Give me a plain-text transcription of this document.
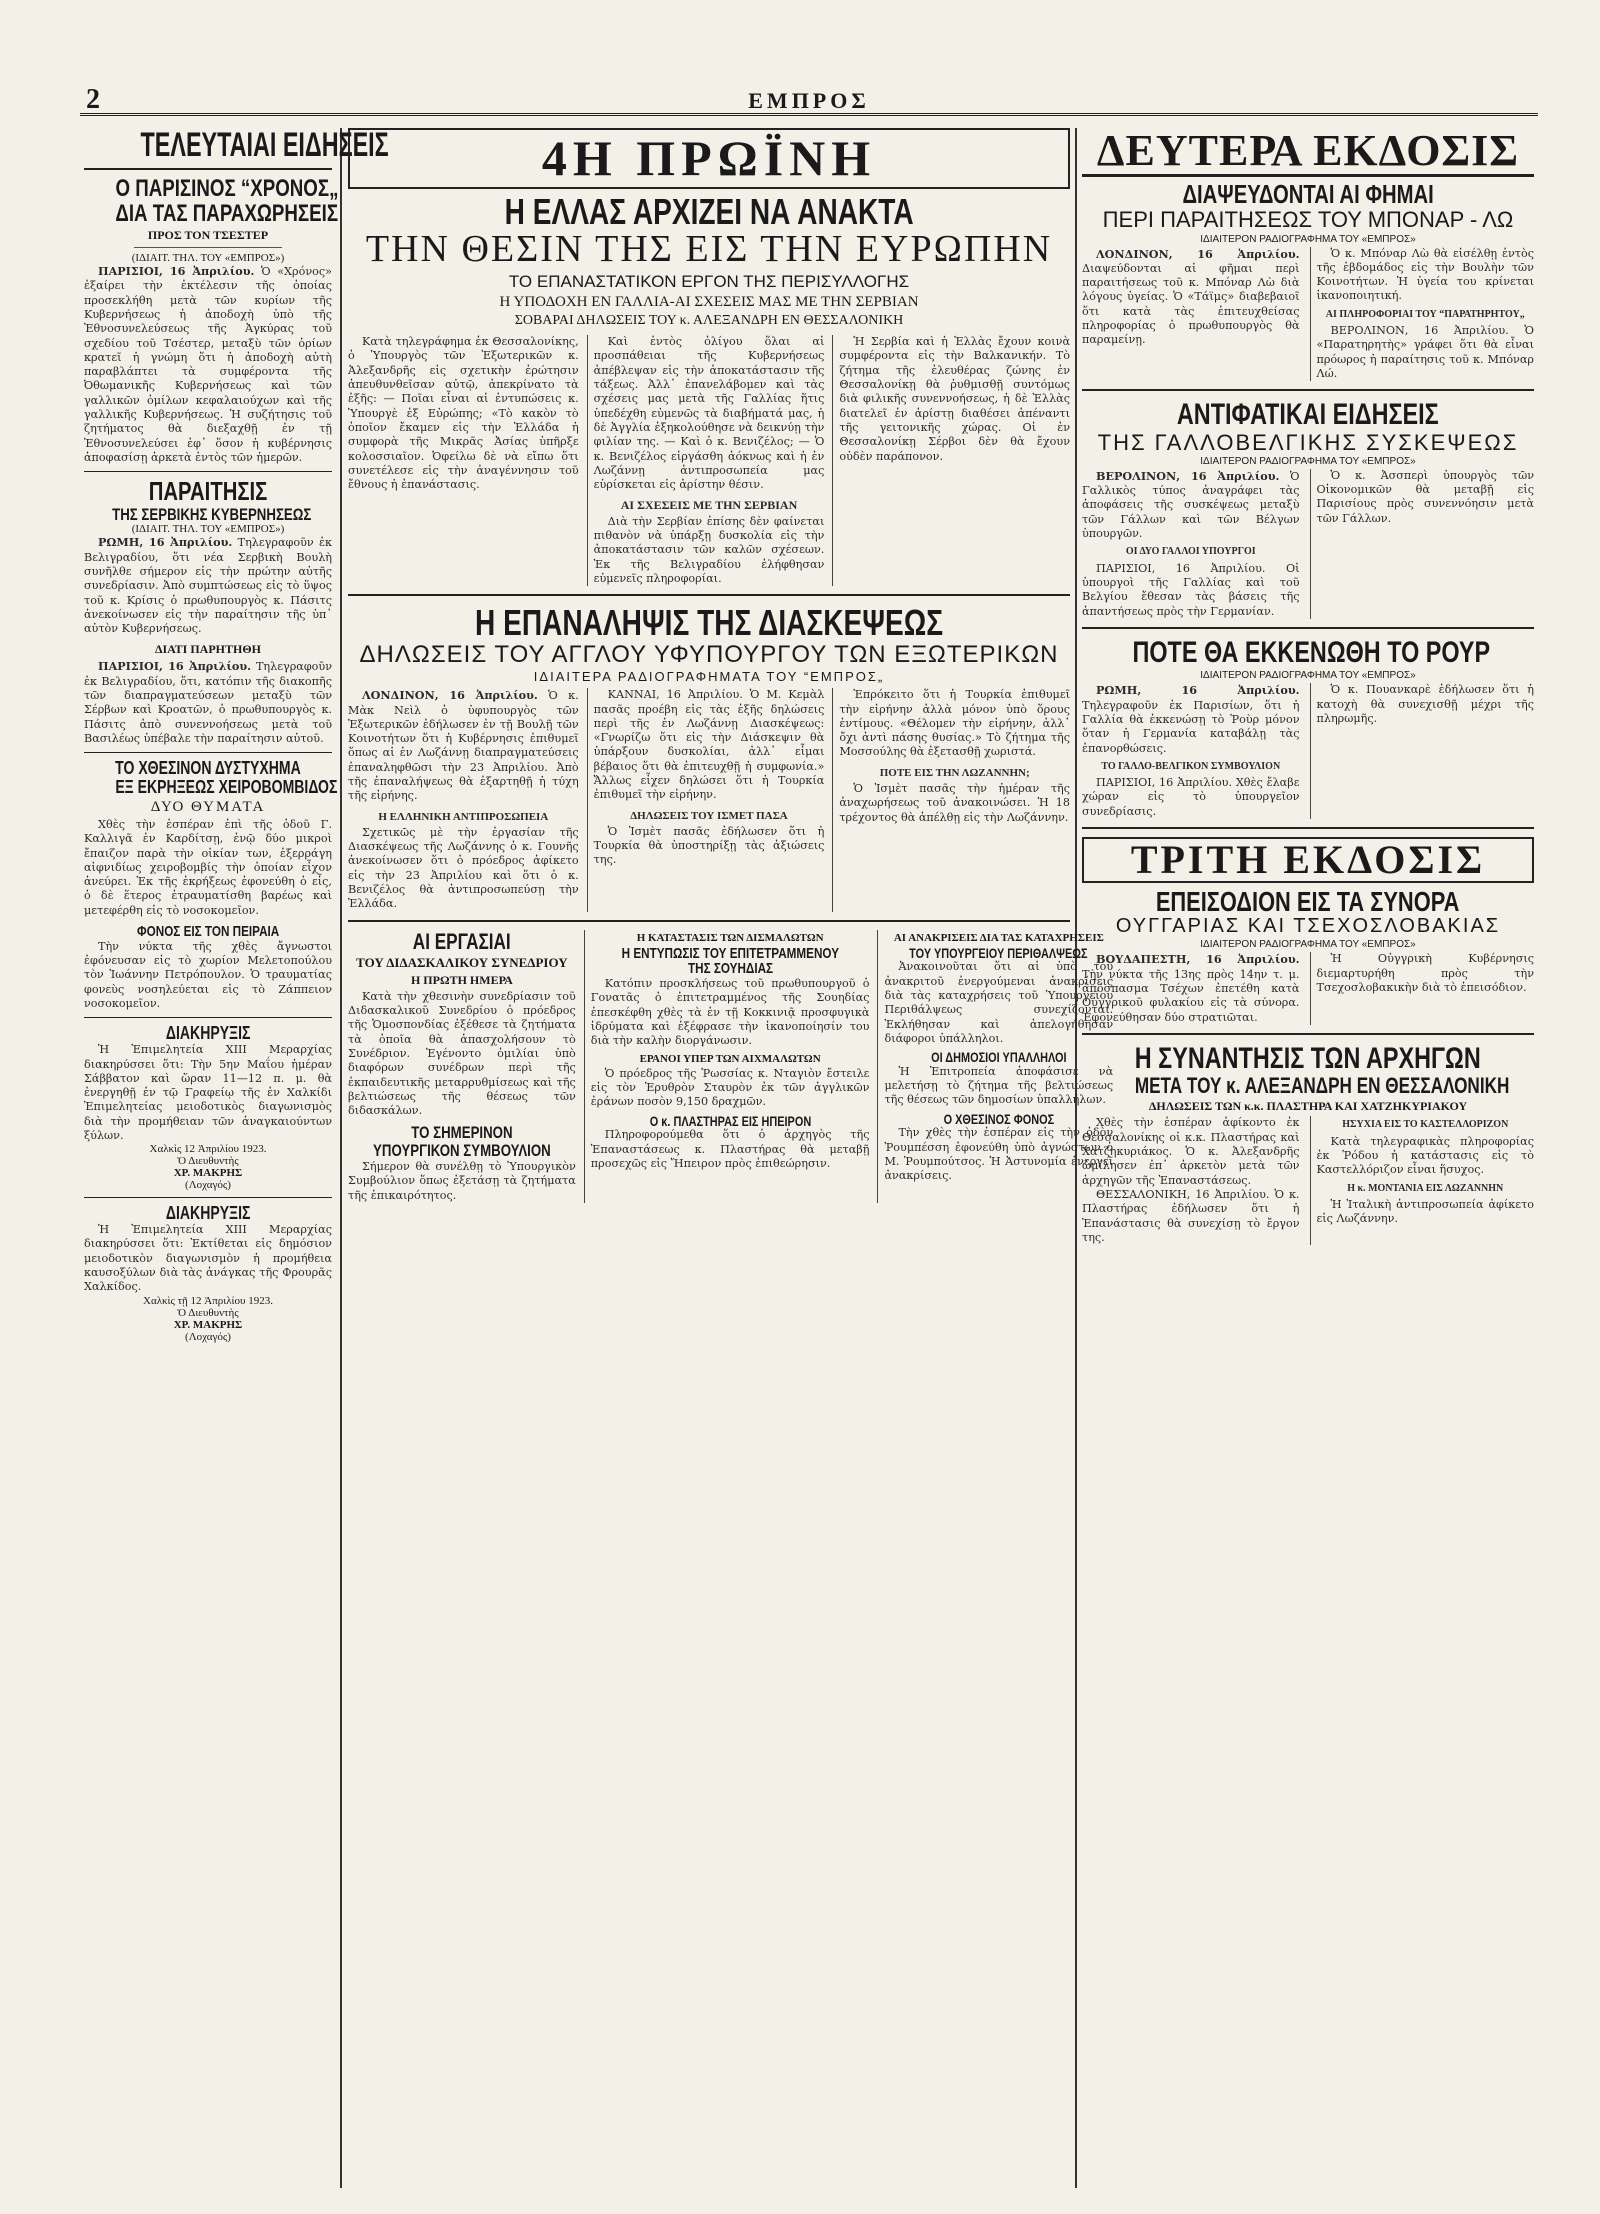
2	ΕΜΠΡΟΣ
ΤΕΛΕΥΤΑΙΑΙ ΕΙΔΗΣΕΙΣ
Ο ΠΑΡΙΣΙΝΟΣ “ΧΡΟΝΟΣ„
ΔΙΑ ΤΑΣ ΠΑΡΑΧΩΡΗΣΕΙΣ
ΠΡΟΣ ΤΟΝ ΤΣΕΣΤΕΡ
(ΙΔΙΑΙΤ. ΤΗΛ. ΤΟΥ «ΕΜΠΡΟΣ»)

ΠΑΡΙΣΙΟΙ, 16 Ἀπριλίου. Ὁ «Χρόνος» ἐξαίρει τὴν ἐκτέλεσιν τῆς ὁποίας προσεκλήθη μετὰ τῶν κυρίων τῆς Κυβερνήσεως ἡ ἀποδοχὴ ὑπὸ τῆς Ἐθνοσυνελεύσεως τῆς Ἀγκύρας τοῦ σχεδίου τοῦ Τσέστερ, μεταξὺ τῶν ὁρίων κρατεῖ ἡ γνώμη ὅτι ἡ ἀποδοχὴ αὐτὴ παραβλάπτει τὰ συμφέροντα τῆς Ὀθωμανικῆς Κυβερνήσεως καὶ τῶν γαλλικῶν ὁμίλων κεφαλαιούχων καὶ τῆς γαλλικῆς Κυβερνήσεως. Ἡ συζήτησις τοῦ ζητήματος θὰ διεξαχθῇ ἐν τῇ Ἐθνοσυνελεύσει ἐφ᾽ ὅσον ἡ κυβέρνησις ἀποφασίσῃ ἀρκετὰ ἐντὸς τῶν ἡμερῶν.

ΠΑΡΑΙΤΗΣΙΣ
ΤΗΣ ΣΕΡΒΙΚΗΣ ΚΥΒΕΡΝΗΣΕΩΣ
(ΙΔΙΑΙΤ. ΤΗΛ. ΤΟΥ «ΕΜΠΡΟΣ»)

ΡΩΜΗ, 16 Ἀπριλίου. Τηλεγραφοῦν ἐκ Βελιγραδίου, ὅτι νέα Σερβικὴ Βουλὴ συνῆλθε σήμερον εἰς τὴν πρώτην αὐτῆς συνεδρίασιν. Ἀπὸ συμπτώσεως εἰς τὸ ὕψος τοῦ κ. Κρίσις ὁ πρωθυπουργὸς κ. Πάσιτς ἀνεκοίνωσεν εἰς τὴν παραίτησιν τῆς ὑπ᾽ αὐτὸν Κυβερνήσεως.

ΔΙΑΤΙ ΠΑΡΗΤΗΘΗ

ΠΑΡΙΣΙΟΙ, 16 Ἀπριλίου. Τηλεγραφοῦν ἐκ Βελιγραδίου, ὅτι, κατόπιν τῆς διακοπῆς τῶν διαπραγματεύσεων μεταξὺ τῶν Σέρβων καὶ Κροατῶν, ὁ πρωθυπουργὸς κ. Πάσιτς ἀπὸ συνεννοήσεως μετὰ τοῦ Βασιλέως ὑπέβαλε τὴν παραίτησιν αὐτοῦ.

ΤΟ ΧΘΕΣΙΝΟΝ ΔΥΣΤΥΧΗΜΑ
ΕΞ ΕΚΡΗΞΕΩΣ ΧΕΙΡΟΒΟΜΒΙΔΟΣ
ΔΥΟ ΘΥΜΑΤΑ

Χθὲς τὴν ἑσπέραν ἐπὶ τῆς ὁδοῦ Γ. Καλλιγᾶ ἐν Καρδίτσῃ, ἐνῷ δύο μικροὶ ἔπαιζον παρὰ τὴν οἰκίαν των, ἐξερράγη αἰφνιδίως χειροβομβίς τὴν ὁποίαν εἶχον ἀνεύρει. Ἐκ τῆς ἐκρήξεως ἐφονεύθη ὁ εἷς, ὁ δὲ ἕτερος ἐτραυματίσθη βαρέως καὶ μετεφέρθη εἰς τὸ νοσοκομεῖον.

ΦΟΝΟΣ ΕΙΣ ΤΟΝ ΠΕΙΡΑΙΑ

Τὴν νύκτα τῆς χθὲς ἄγνωστοι ἐφόνευσαν εἰς τὸ χωρίον Μελετοπούλου τὸν Ἰωάννην Πετρόπουλον. Ὁ τραυματίας φονεὺς νοσηλεύεται εἰς τὸ Ζάππειον νοσοκομεῖον.

ΔΙΑΚΗΡΥΞΙΣ

Ἡ Ἐπιμελητεία XIII Μεραρχίας διακηρύσσει ὅτι: Τὴν 5ην Μαΐου ἡμέραν Σάββατον καὶ ὥραν 11—12 π. μ. θὰ ἐνεργηθῇ ἐν τῷ Γραφείῳ τῆς ἐν Χαλκίδι Ἐπιμελητείας μειοδοτικὸς διαγωνισμὸς διὰ τὴν προμήθειαν τῶν ἀναγκαιούντων ξύλων.

Χαλκὶς 12 Ἀπριλίου 1923.
Ὁ Διευθυντὴς
ΧΡ. ΜΑΚΡΗΣ
(Λοχαγός)
ΔΙΑΚΗΡΥΞΙΣ

Ἡ Ἐπιμελητεία XIII Μεραρχίας διακηρύσσει ὅτι: Ἐκτίθεται εἰς δημόσιον μειοδοτικὸν διαγωνισμὸν ἡ προμήθεια καυσοξύλων διὰ τὰς ἀνάγκας τῆς Φρουρᾶς Χαλκίδος.

Χαλκὶς τῇ 12 Ἀπριλίου 1923.
Ὁ Διευθυντὴς
ΧΡ. ΜΑΚΡΗΣ
(Λοχαγός)
4Η ΠΡΩΪΝΗ
Η ΕΛΛΑΣ ΑΡΧΙΖΕΙ ΝΑ ΑΝΑΚΤΑ
ΤΗΝ ΘΕΣΙΝ ΤΗΣ ΕΙΣ ΤΗΝ ΕΥΡΩΠΗΝ
ΤΟ ΕΠΑΝΑΣΤΑΤΙΚΟΝ ΕΡΓΟΝ ΤΗΣ ΠΕΡΙΣΥΛΛΟΓΗΣ
Η ΥΠΟΔΟΧΗ ΕΝ ΓΑΛΛΙΑ-ΑΙ ΣΧΕΣΕΙΣ ΜΑΣ ΜΕ ΤΗΝ ΣΕΡΒΙΑΝ
ΣΟΒΑΡΑΙ ΔΗΛΩΣΕΙΣ ΤΟΥ κ. ΑΛΕΞΑΝΔΡΗ ΕΝ ΘΕΣΣΑΛΟΝΙΚΗ

Κατὰ τηλεγράφημα ἐκ Θεσσαλονίκης, ὁ Ὑπουργὸς τῶν Ἐξωτερικῶν κ. Ἀλεξανδρῆς εἰς σχετικὴν ἐρώτησιν ἀπευθυνθεῖσαν αὐτῷ, ἀπεκρίνατο τὰ ἑξῆς: — Ποῖαι εἶναι αἱ ἐντυπώσεις κ. Ὑπουργὲ ἐξ Εὐρώπης; «Τὸ κακὸν τὸ ὁποῖον ἔκαμεν εἰς τὴν Ἑλλάδα ἡ συμφορὰ τῆς Μικρᾶς Ἀσίας ὑπῆρξε κολοσσιαῖον. Ὀφείλω δὲ νὰ εἴπω ὅτι συνετέλεσε εἰς τὴν ἀναγέννησιν τοῦ ἔθνους ἡ ἐπανάστασις.

Καὶ ἐντὸς ὀλίγου ὅλαι αἱ προσπάθειαι τῆς Κυβερνήσεως ἀπέβλεψαν εἰς τὴν ἀποκατάστασιν τῆς τάξεως. Ἀλλ᾽ ἐπανελάβομεν καὶ τὰς σχέσεις μας μετὰ τῆς Γαλλίας ἥτις ὑπεδέχθη εὐμενῶς τὰ διαβήματά μας, ἡ δὲ Ἀγγλία ἐξηκολούθησε νὰ δεικνύῃ τὴν φιλίαν της. — Καὶ ὁ κ. Βενιζέλος; — Ὁ κ. Βενιζέλος εἰργάσθη ἀόκνως καὶ ἡ ἐν Λωζάννῃ ἀντιπροσωπεία μας εὑρίσκεται εἰς ἀρίστην θέσιν.

ΑΙ ΣΧΕΣΕΙΣ ΜΕ ΤΗΝ ΣΕΡΒΙΑΝ

Διὰ τὴν Σερβίαν ἐπίσης δὲν φαίνεται πιθανὸν νὰ ὑπάρξῃ δυσκολία εἰς τὴν ἀποκατάστασιν τῶν καλῶν σχέσεων. Ἐκ τῆς Βελιγραδίου ἐλήφθησαν εὐμενεῖς πληροφορίαι.

Ἡ Σερβία καὶ ἡ Ἑλλὰς ἔχουν κοινὰ συμφέροντα εἰς τὴν Βαλκανικήν. Τὸ ζήτημα τῆς ἐλευθέρας ζώνης ἐν Θεσσαλονίκῃ θὰ ῥυθμισθῇ συντόμως διὰ φιλικῆς συνεννοήσεως, ἡ δὲ Ἑλλὰς διατελεῖ ἐν ἀρίστῃ διαθέσει ἀπέναντι τῆς γειτονικῆς χώρας. Οἱ ἐν Θεσσαλονίκῃ Σέρβοι δὲν θὰ ἔχουν οὐδὲν παράπονον.

Η ΕΠΑΝΑΛΗΨΙΣ ΤΗΣ ΔΙΑΣΚΕΨΕΩΣ
ΔΗΛΩΣΕΙΣ ΤΟΥ ΑΓΓΛΟΥ ΥΦΥΠΟΥΡΓΟΥ ΤΩΝ ΕΞΩΤΕΡΙΚΩΝ
ΙΔΙΑΙΤΕΡΑ ΡΑΔΙΟΓΡΑΦΗΜΑΤΑ ΤΟΥ “ΕΜΠΡΟΣ„

ΛΟΝΔΙΝΟΝ, 16 Ἀπριλίου. Ὁ κ. Μὰκ Νεὶλ ὁ ὑφυπουργὸς τῶν Ἐξωτερικῶν ἐδήλωσεν ἐν τῇ Βουλῇ τῶν Κοινοτήτων ὅτι ἡ Κυβέρνησις ἐπιθυμεῖ ὅπως αἱ ἐν Λωζάννῃ διαπραγματεύσεις ἐπαναληφθῶσι τὴν 23 Ἀπριλίου. Ἀπὸ τῆς ἐπαναλήψεως θὰ ἐξαρτηθῇ ἡ τύχη τῆς εἰρήνης.

Η ΕΛΛΗΝΙΚΗ ΑΝΤΙΠΡΟΣΩΠΕΙΑ

Σχετικῶς μὲ τὴν ἐργασίαν τῆς Διασκέψεως τῆς Λωζάννης ὁ κ. Γουνῆς ἀνεκοίνωσεν ὅτι ὁ πρόεδρος ἀφίκετο εἰς τὴν 23 Ἀπριλίου καὶ ὅτι ὁ κ. Βενιζέλος θὰ ἀντιπροσωπεύσῃ τὴν Ἑλλάδα.

ΚΑΝΝΑΙ, 16 Ἀπριλίου. Ὁ Μ. Κεμὰλ πασᾶς προέβη εἰς τὰς ἑξῆς δηλώσεις περὶ τῆς ἐν Λωζάννῃ Διασκέψεως: «Γνωρίζω ὅτι εἰς τὴν Διάσκεψιν θὰ ὑπάρξουν δυσκολίαι, ἀλλ᾽ εἶμαι βέβαιος ὅτι θὰ ἐπιτευχθῇ ἡ συμφωνία.» Ἄλλως εἶχεν δηλώσει ὅτι ἡ Τουρκία ἐπιθυμεῖ τὴν εἰρήνην.

ΔΗΛΩΣΕΙΣ ΤΟΥ ΙΣΜΕΤ ΠΑΣΑ

Ὁ Ἰσμὲτ πασᾶς ἐδήλωσεν ὅτι ἡ Τουρκία θὰ ὑποστηρίξῃ τὰς ἀξιώσεις της.

Ἐπρόκειτο ὅτι ἡ Τουρκία ἐπιθυμεῖ τὴν εἰρήνην ἀλλὰ μόνον ὑπὸ ὅρους ἐντίμους. «Θέλομεν τὴν εἰρήνην, ἀλλ᾽ ὄχι ἀντὶ πάσης θυσίας.» Τὸ ζήτημα τῆς Μοσσούλης θὰ ἐξετασθῇ χωριστά.

ΠΟΤΕ ΕΙΣ ΤΗΝ ΛΩΖΑΝΝΗΝ;

Ὁ Ἰσμὲτ πασᾶς τὴν ἡμέραν τῆς ἀναχωρήσεως τοῦ ἀνακοινώσει. Ἡ 18 τρέχοντος θὰ ἀπέλθῃ εἰς τὴν Λωζάννην.

ΑΙ ΕΡΓΑΣΙΑΙ
ΤΟΥ ΔΙΔΑΣΚΑΛΙΚΟΥ ΣΥΝΕΔΡΙΟΥ
Η ΠΡΩΤΗ ΗΜΕΡΑ

Κατὰ τὴν χθεσινὴν συνεδρίασιν τοῦ Διδασκαλικοῦ Συνεδρίου ὁ πρόεδρος τῆς Ὁμοσπονδίας ἐξέθεσε τὰ ζητήματα τὰ ὁποῖα θὰ ἀπασχολήσουν τὸ Συνέδριον. Ἐγένοντο ὁμιλίαι ὑπὸ διαφόρων συνέδρων περὶ τῆς ἐκπαιδευτικῆς μεταρρυθμίσεως καὶ τῆς βελτιώσεως τῆς θέσεως τῶν διδασκάλων.

ΤΟ ΣΗΜΕΡΙΝΟΝ
ΥΠΟΥΡΓΙΚΟΝ ΣΥΜΒΟΥΛΙΟΝ

Σήμερον θὰ συνέλθῃ τὸ Ὑπουργικὸν Συμβούλιον ὅπως ἐξετάσῃ τὰ ζητήματα τῆς ἐπικαιρότητος.

Η ΚΑΤΑΣΤΑΣΙΣ ΤΩΝ ΔΙΣΜΑΛΩΤΩΝ
Η ΕΝΤΥΠΩΣΙΣ ΤΟΥ ΕΠΙΤΕΤΡΑΜΜΕΝΟΥ
ΤΗΣ ΣΟΥΗΔΙΑΣ

Κατόπιν προσκλήσεως τοῦ πρωθυπουργοῦ ὁ Γονατᾶς ὁ ἐπιτετραμμένος τῆς Σουηδίας ἐπεσκέφθη χθὲς τὰ ἐν τῇ Κοκκινιᾷ προσφυγικὰ ἱδρύματα καὶ ἐξέφρασε τὴν ἱκανοποίησίν του διὰ τὴν καλὴν διοργάνωσιν.

ΕΡΑΝΟΙ ΥΠΕΡ ΤΩΝ ΑΙΧΜΑΛΩΤΩΝ

Ὁ πρόεδρος τῆς Ῥωσσίας κ. Νταγιὸν ἔστειλε εἰς τὸν Ἐρυθρὸν Σταυρὸν ἐκ τῶν ἀγγλικῶν ἐράνων ποσὸν 9,150 δραχμῶν.

Ο κ. ΠΛΑΣΤΗΡΑΣ ΕΙΣ ΗΠΕΙΡΟΝ

Πληροφορούμεθα ὅτι ὁ ἀρχηγὸς τῆς Ἐπαναστάσεως κ. Πλαστήρας θὰ μεταβῇ προσεχῶς εἰς Ἤπειρον πρὸς ἐπιθεώρησιν.

ΑΙ ΑΝΑΚΡΙΣΕΙΣ ΔΙΑ ΤΑΣ ΚΑΤΑΧΡΗΣΕΙΣ
ΤΟΥ ΥΠΟΥΡΓΕΙΟΥ ΠΕΡΙΘΑΛΨΕΩΣ

Ἀνακοινοῦται ὅτι αἱ ὑπὸ τοῦ ἀνακριτοῦ ἐνεργούμεναι ἀνακρίσεις διὰ τὰς καταχρήσεις τοῦ Ὑπουργείου Περιθάλψεως συνεχίζονται. Ἐκλήθησαν καὶ ἀπελογήθησαν διάφοροι ὑπάλληλοι.

ΟΙ ΔΗΜΟΣΙΟΙ ΥΠΑΛΛΗΛΟΙ

Ἡ Ἐπιτροπεία ἀποφάσισε νὰ μελετήσῃ τὸ ζήτημα τῆς βελτιώσεως τῆς θέσεως τῶν δημοσίων ὑπαλλήλων.

Ο ΧΘΕΣΙΝΟΣ ΦΟΝΟΣ

Τὴν χθὲς τὴν ἑσπέραν εἰς τὴν ὁδὸν Ῥουμπέσση ἐφονεύθη ὑπὸ ἀγνώστων ὁ Μ. Ῥουμπούτσος. Ἡ Ἀστυνομία ἐνεργεῖ ἀνακρίσεις.

ΔΕΥΤΕΡΑ ΕΚΔΟΣΙΣ
ΔΙΑΨΕΥΔΟΝΤΑΙ ΑΙ ΦΗΜΑΙ
ΠΕΡΙ ΠΑΡΑΙΤΗΣΕΩΣ ΤΟΥ ΜΠΟΝΑΡ - ΛΩ
ΙΔΙΑΙΤΕΡΟΝ ΡΑΔΙΟΓΡΑΦΗΜΑ ΤΟΥ «ΕΜΠΡΟΣ»

ΛΟΝΔΙΝΟΝ, 16 Ἀπριλίου. Διαψεύδονται αἱ φῆμαι περὶ παραιτήσεως τοῦ κ. Μπόναρ Λὼ διὰ λόγους ὑγείας. Ὁ «Τάϊμς» διαβεβαιοῖ ὅτι κατὰ τὰς ἐπιτευχθείσας πληροφορίας ὁ πρωθυπουργὸς θὰ παραμείνῃ.

Ὁ κ. Μπόναρ Λὼ θὰ εἰσέλθῃ ἐντὸς τῆς ἑβδομάδος εἰς τὴν Βουλὴν τῶν Κοινοτήτων. Ἡ ὑγεία του κρίνεται ἱκανοποιητική.

ΑΙ ΠΛΗΡΟΦΟΡΙΑΙ ΤΟΥ “ΠΑΡΑΤΗΡΗΤΟΥ„

ΒΕΡΟΛΙΝΟΝ, 16 Ἀπριλίου. Ὁ «Παρατηρητὴς» γράφει ὅτι θὰ εἶναι πρόωρος ἡ παραίτησις τοῦ κ. Μπόναρ Λώ.

ΑΝΤΙΦΑΤΙΚΑΙ ΕΙΔΗΣΕΙΣ
ΤΗΣ ΓΑΛΛΟΒΕΛΓΙΚΗΣ ΣΥΣΚΕΨΕΩΣ
ΙΔΙΑΙΤΕΡΟΝ ΡΑΔΙΟΓΡΑΦΗΜΑ ΤΟΥ «ΕΜΠΡΟΣ»

ΒΕΡΟΛΙΝΟΝ, 16 Ἀπριλίου. Ὁ Γαλλικὸς τύπος ἀναγράφει τὰς ἀποφάσεις τῆς συσκέψεως μεταξὺ τῶν Γάλλων καὶ τῶν Βέλγων ὑπουργῶν.

ΟΙ ΔΥΟ ΓΑΛΛΟΙ ΥΠΟΥΡΓΟΙ

ΠΑΡΙΣΙΟΙ, 16 Ἀπριλίου. Οἱ ὑπουργοὶ τῆς Γαλλίας καὶ τοῦ Βελγίου ἔθεσαν τὰς βάσεις τῆς ἀπαντήσεως πρὸς τὴν Γερμανίαν.

Ὁ κ. Ἀσσπερὶ ὑπουργὸς τῶν Οἰκονομικῶν θὰ μεταβῇ εἰς Παρισίους πρὸς συνεννόησιν μετὰ τῶν Γάλλων.

ΠΟΤΕ ΘΑ ΕΚΚΕΝΩΘΗ ΤΟ ΡΟΥΡ
ΙΔΙΑΙΤΕΡΟΝ ΡΑΔΙΟΓΡΑΦΗΜΑ ΤΟΥ «ΕΜΠΡΟΣ»

ΡΩΜΗ, 16 Ἀπριλίου. Τηλεγραφοῦν ἐκ Παρισίων, ὅτι ἡ Γαλλία θὰ ἐκκενώσῃ τὸ Ῥοὺρ μόνον ὅταν ἡ Γερμανία καταβάλῃ τὰς ἐπανορθώσεις.

ΤΟ ΓΑΛΛΟ-ΒΕΛΓΙΚΟΝ ΣΥΜΒΟΥΛΙΟΝ

ΠΑΡΙΣΙΟΙ, 16 Ἀπριλίου. Χθὲς ἔλαβε χώραν εἰς τὸ ὑπουργεῖον συνεδρίασις.

Ὁ κ. Πουανκαρὲ ἐδήλωσεν ὅτι ἡ κατοχὴ θὰ συνεχισθῇ μέχρι τῆς πληρωμῆς.

ΤΡΙΤΗ ΕΚΔΟΣΙΣ
ΕΠΕΙΣΟΔΙΟΝ ΕΙΣ ΤΑ ΣΥΝΟΡΑ
ΟΥΓΓΑΡΙΑΣ ΚΑΙ ΤΣΕΧΟΣΛΟΒΑΚΙΑΣ
ΙΔΙΑΙΤΕΡΟΝ ΡΑΔΙΟΓΡΑΦΗΜΑ ΤΟΥ «ΕΜΠΡΟΣ»

ΒΟΥΔΑΠΕΣΤΗ, 16 Ἀπριλίου. Τὴν νύκτα τῆς 13ης πρὸς 14ην τ. μ. ἀπόσπασμα Τσέχων ἐπετέθη κατὰ Οὐγγρικοῦ φυλακίου εἰς τὰ σύνορα. Ἐφονεύθησαν δύο στρατιῶται.

Ἡ Οὐγγρικὴ Κυβέρνησις διεμαρτυρήθη πρὸς τὴν Τσεχοσλοβακικὴν διὰ τὸ ἐπεισόδιον.

Η ΣΥΝΑΝΤΗΣΙΣ ΤΩΝ ΑΡΧΗΓΩΝ
ΜΕΤΑ ΤΟΥ κ. ΑΛΕΞΑΝΔΡΗ ΕΝ ΘΕΣΣΑΛΟΝΙΚΗ
ΔΗΛΩΣΕΙΣ ΤΩΝ κ.κ. ΠΛΑΣΤΗΡΑ ΚΑΙ ΧΑΤΖΗΚΥΡΙΑΚΟΥ

Χθὲς τὴν ἑσπέραν ἀφίκοντο ἐκ Θεσσαλονίκης οἱ κ.κ. Πλαστήρας καὶ Χατζηκυριάκος. Ὁ κ. Ἀλεξανδρῆς ὡμίλησεν ἐπ᾽ ἀρκετὸν μετὰ τῶν ἀρχηγῶν τῆς Ἐπαναστάσεως.

ΘΕΣΣΑΛΟΝΙΚΗ, 16 Ἀπριλίου. Ὁ κ. Πλαστήρας ἐδήλωσεν ὅτι ἡ Ἐπανάστασις θὰ συνεχίσῃ τὸ ἔργον της.

ΗΣΥΧΙΑ ΕΙΣ ΤΟ ΚΑΣΤΕΛΛΟΡΙΖΟΝ

Κατὰ τηλεγραφικὰς πληροφορίας ἐκ Ῥόδου ἡ κατάστασις εἰς τὸ Καστελλόριζον εἶναι ἥσυχος.

Η κ. ΜΟΝΤΑΝΙΑ ΕΙΣ ΛΩΖΑΝΝΗΝ

Ἡ Ἰταλικὴ ἀντιπροσωπεία ἀφίκετο εἰς Λωζάννην.
